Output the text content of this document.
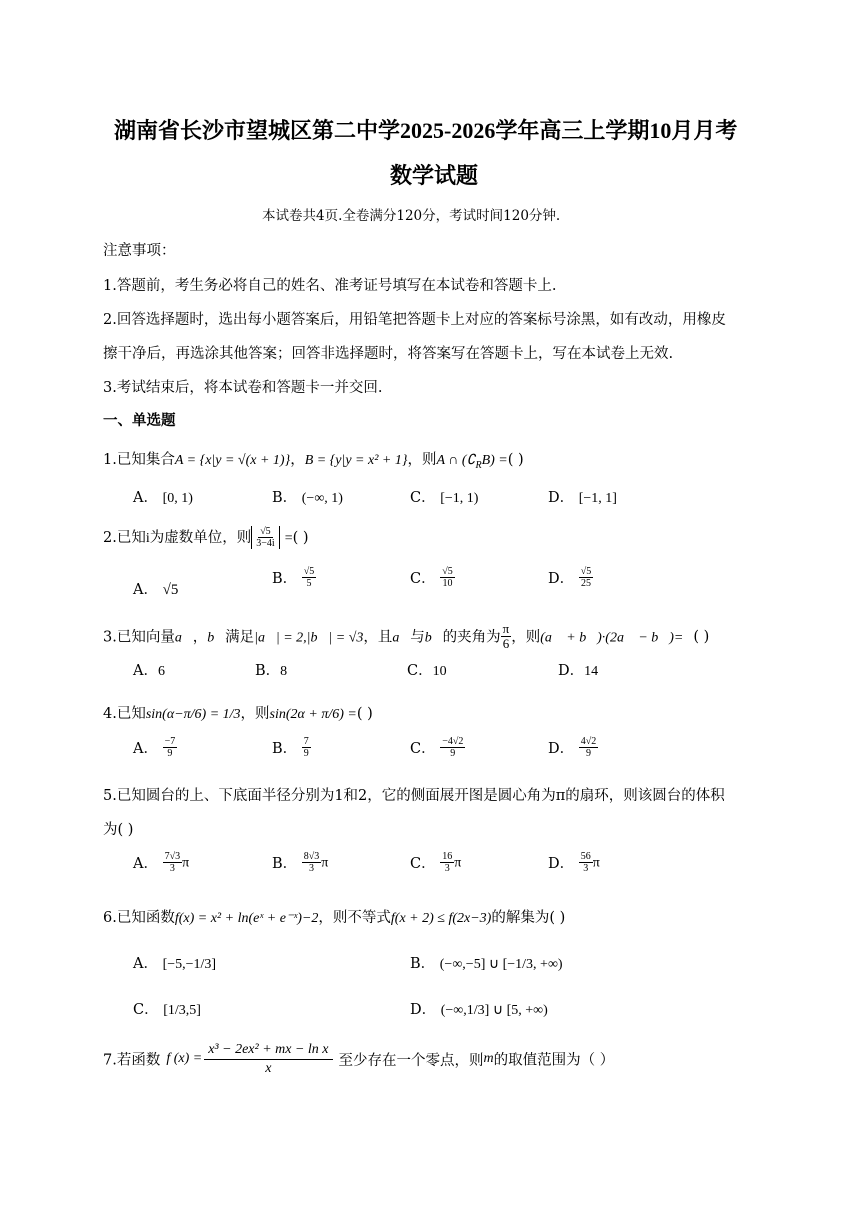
湖南省长沙市望城区第二中学2025-2026学年高三上学期10月月考
数学试题
本试卷共4页.全卷满分120分，考试时间120分钟.
注意事项：
1.答题前，考生务必将自己的姓名、准考证号填写在本试卷和答题卡上.
2.回答选择题时，选出每小题答案后，用铅笔把答题卡上对应的答案标号涂黑，如有改动，用橡皮
擦干净后，再选涂其他答案；回答非选择题时，将答案写在答题卡上，写在本试卷上无效.
3.考试结束后，将本试卷和答题卡一并交回.
一、单选题
1.已知集合A = {x|y = √(x + 1)}，B = {y|y = x² + 1}，则A ∩ $(∁_RB)$ =( )
A． [0, 1)	B． (−∞, 1)	C． [−1, 1)	D． [−1, 1]
2.已知i为虚数单位，则 $\frac{√5}{3-4i}$ =( )
A． √5
B． $\frac{√5}{5}$	C． $\frac{√5}{10}$	D． $\frac{√5}{25}$
3.已知向量a⃗，b⃗满足|a⃗| = 2,|b⃗| = √3，且a⃗与b⃗的夹角为 $\frac{\pi}{6}$ ，则(a⃗ + b⃗)·(2a⃗ − b⃗)= ( )
A．6	B．8	C．10	D．14
4.已知sin(α−π/6) = 1/3，则sin(2α + π/6) =( )
A． $\frac{-7}{9}$	B． $\frac{7}{9}$	C． $\frac{-4√2}{9}$	D． $\frac{4√2}{9}$
5.已知圆台的上、下底面半径分别为1和2，它的侧面展开图是圆心角为π的扇环，则该圆台的体积
为( )
A． $\frac{7√3}{3}$ π	B． $\frac{8√3}{3}$ π	C． $\frac{16}{3}$ π	D． $\frac{56}{3}$ π
6.已知函数f(x) = x² + ln(eˣ + e⁻ˣ)−2，则不等式f(x + 2) ≤ f(2x−3)的解集为( )
A． [−5,−1/3]	B． (−∞,−5] ∪ [−1/3, +∞)
C． [1/3,5]	D． (−∞,1/3] ∪ [5, +∞)
7.若函数 f $(x) = \frac{\text{x³ − 2ex² + mx − ln x}}{x}$ 至少存在一个零点，则m的取值范围为（ ）
